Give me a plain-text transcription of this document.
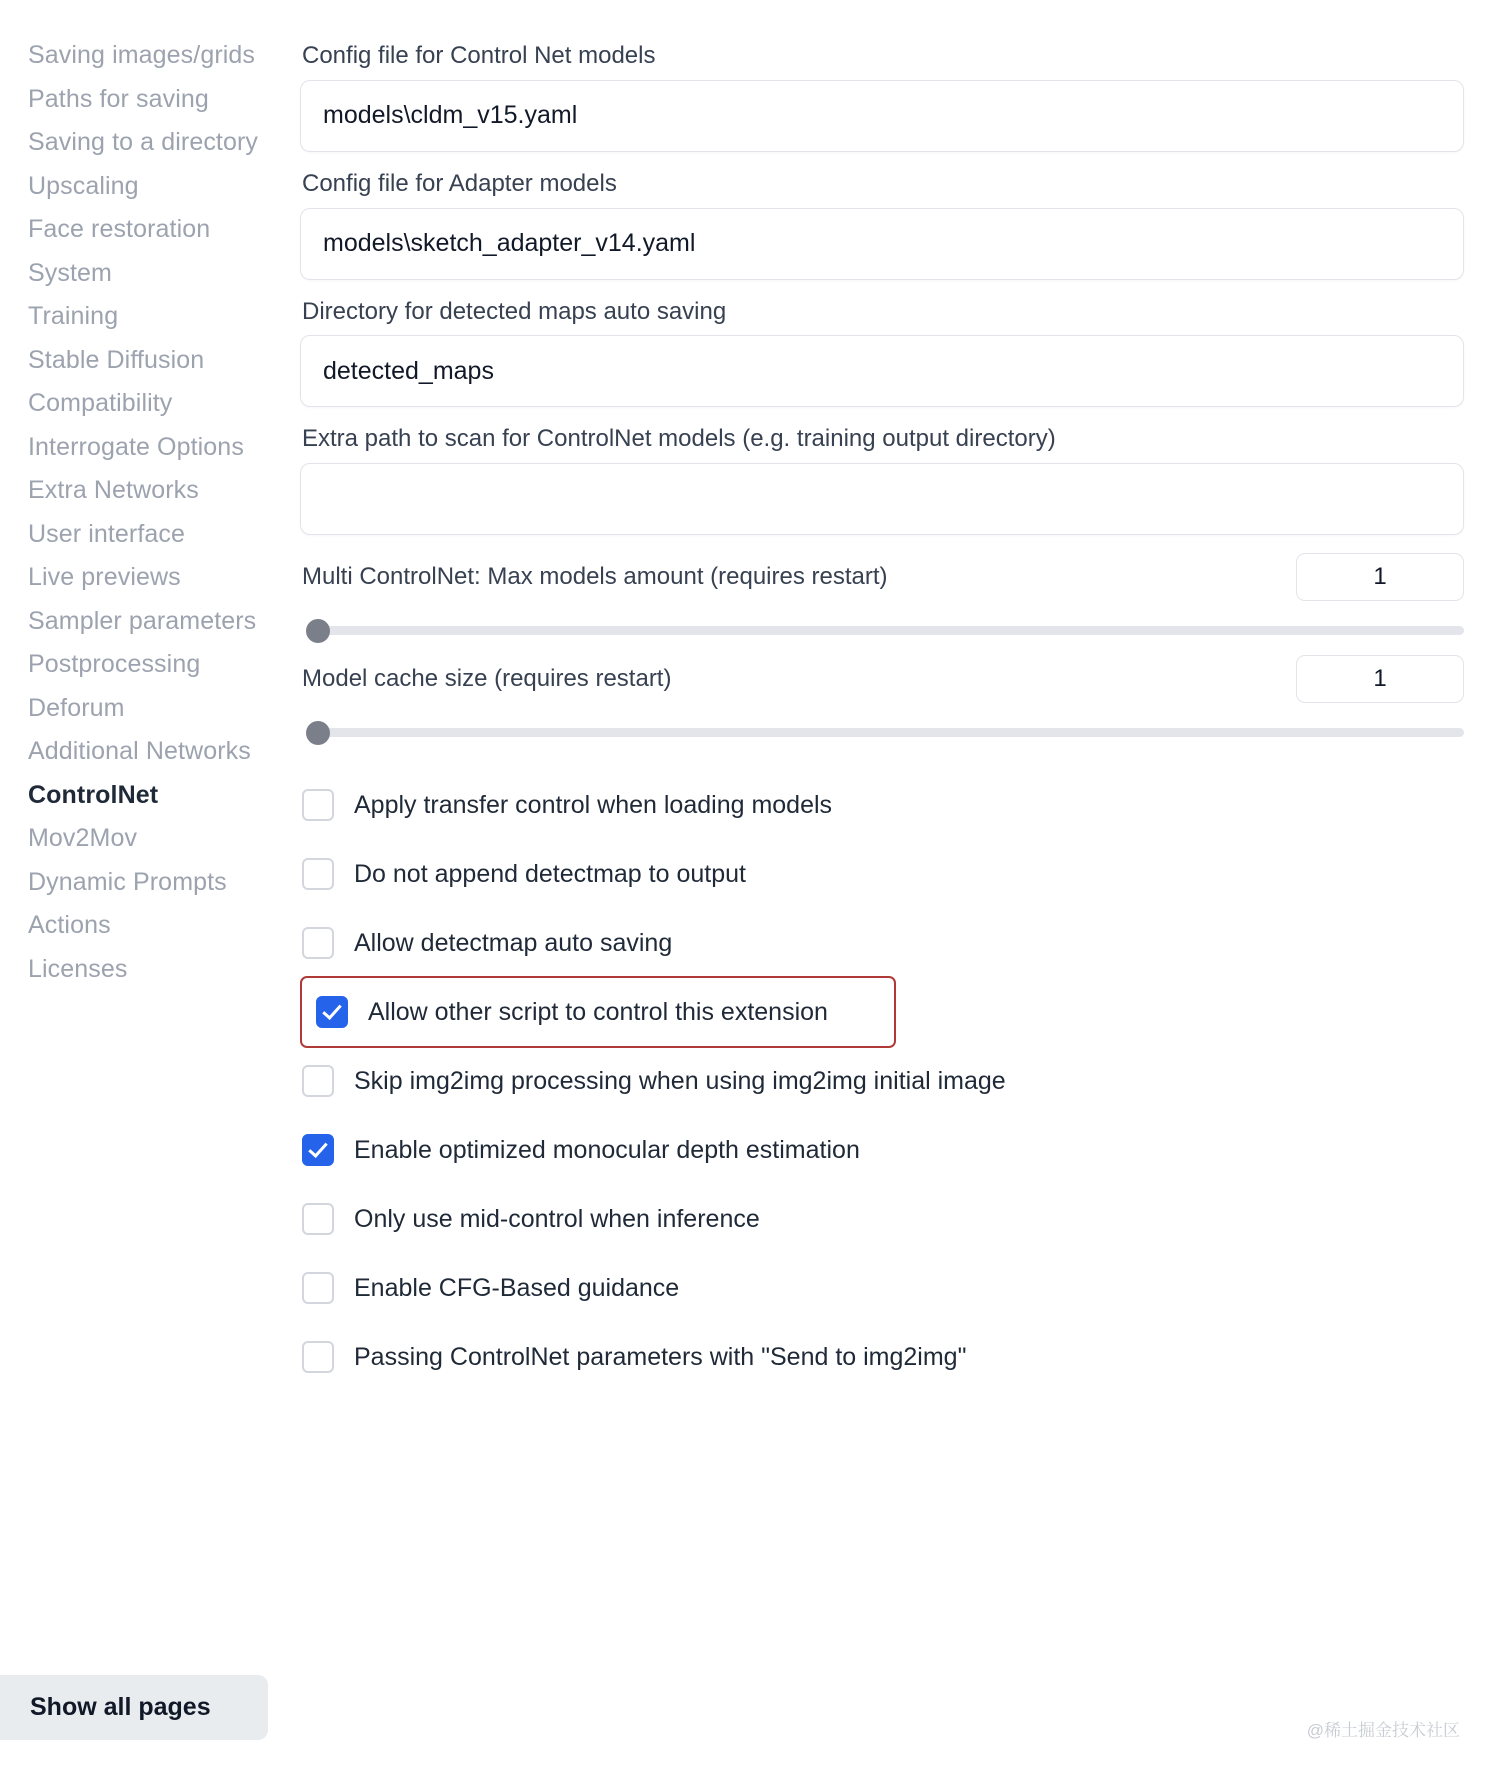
Saving images/grids
Paths for saving
Saving to a directory
Upscaling
Face restoration
System
Training
Stable Diffusion
Compatibility
Interrogate Options
Extra Networks
User interface
Live previews
Sampler parameters
Postprocessing
Deforum
Additional Networks
ControlNet
Mov2Mov
Dynamic Prompts
Actions
Licenses
Show all pages
Config file for Control Net models
models\cldm_v15.yaml
Config file for Adapter models
models\sketch_adapter_v14.yaml
Directory for detected maps auto saving
detected_maps
Extra path to scan for ControlNet models (e.g. training output directory)
Multi ControlNet: Max models amount (requires restart)
1
Model cache size (requires restart)
1
Apply transfer control when loading models
Do not append detectmap to output
Allow detectmap auto saving
Allow other script to control this extension
Skip img2img processing when using img2img initial image
Enable optimized monocular depth estimation
Only use mid-control when inference
Enable CFG-Based guidance
Passing ControlNet parameters with "Send to img2img"
@稀土掘金技术社区
